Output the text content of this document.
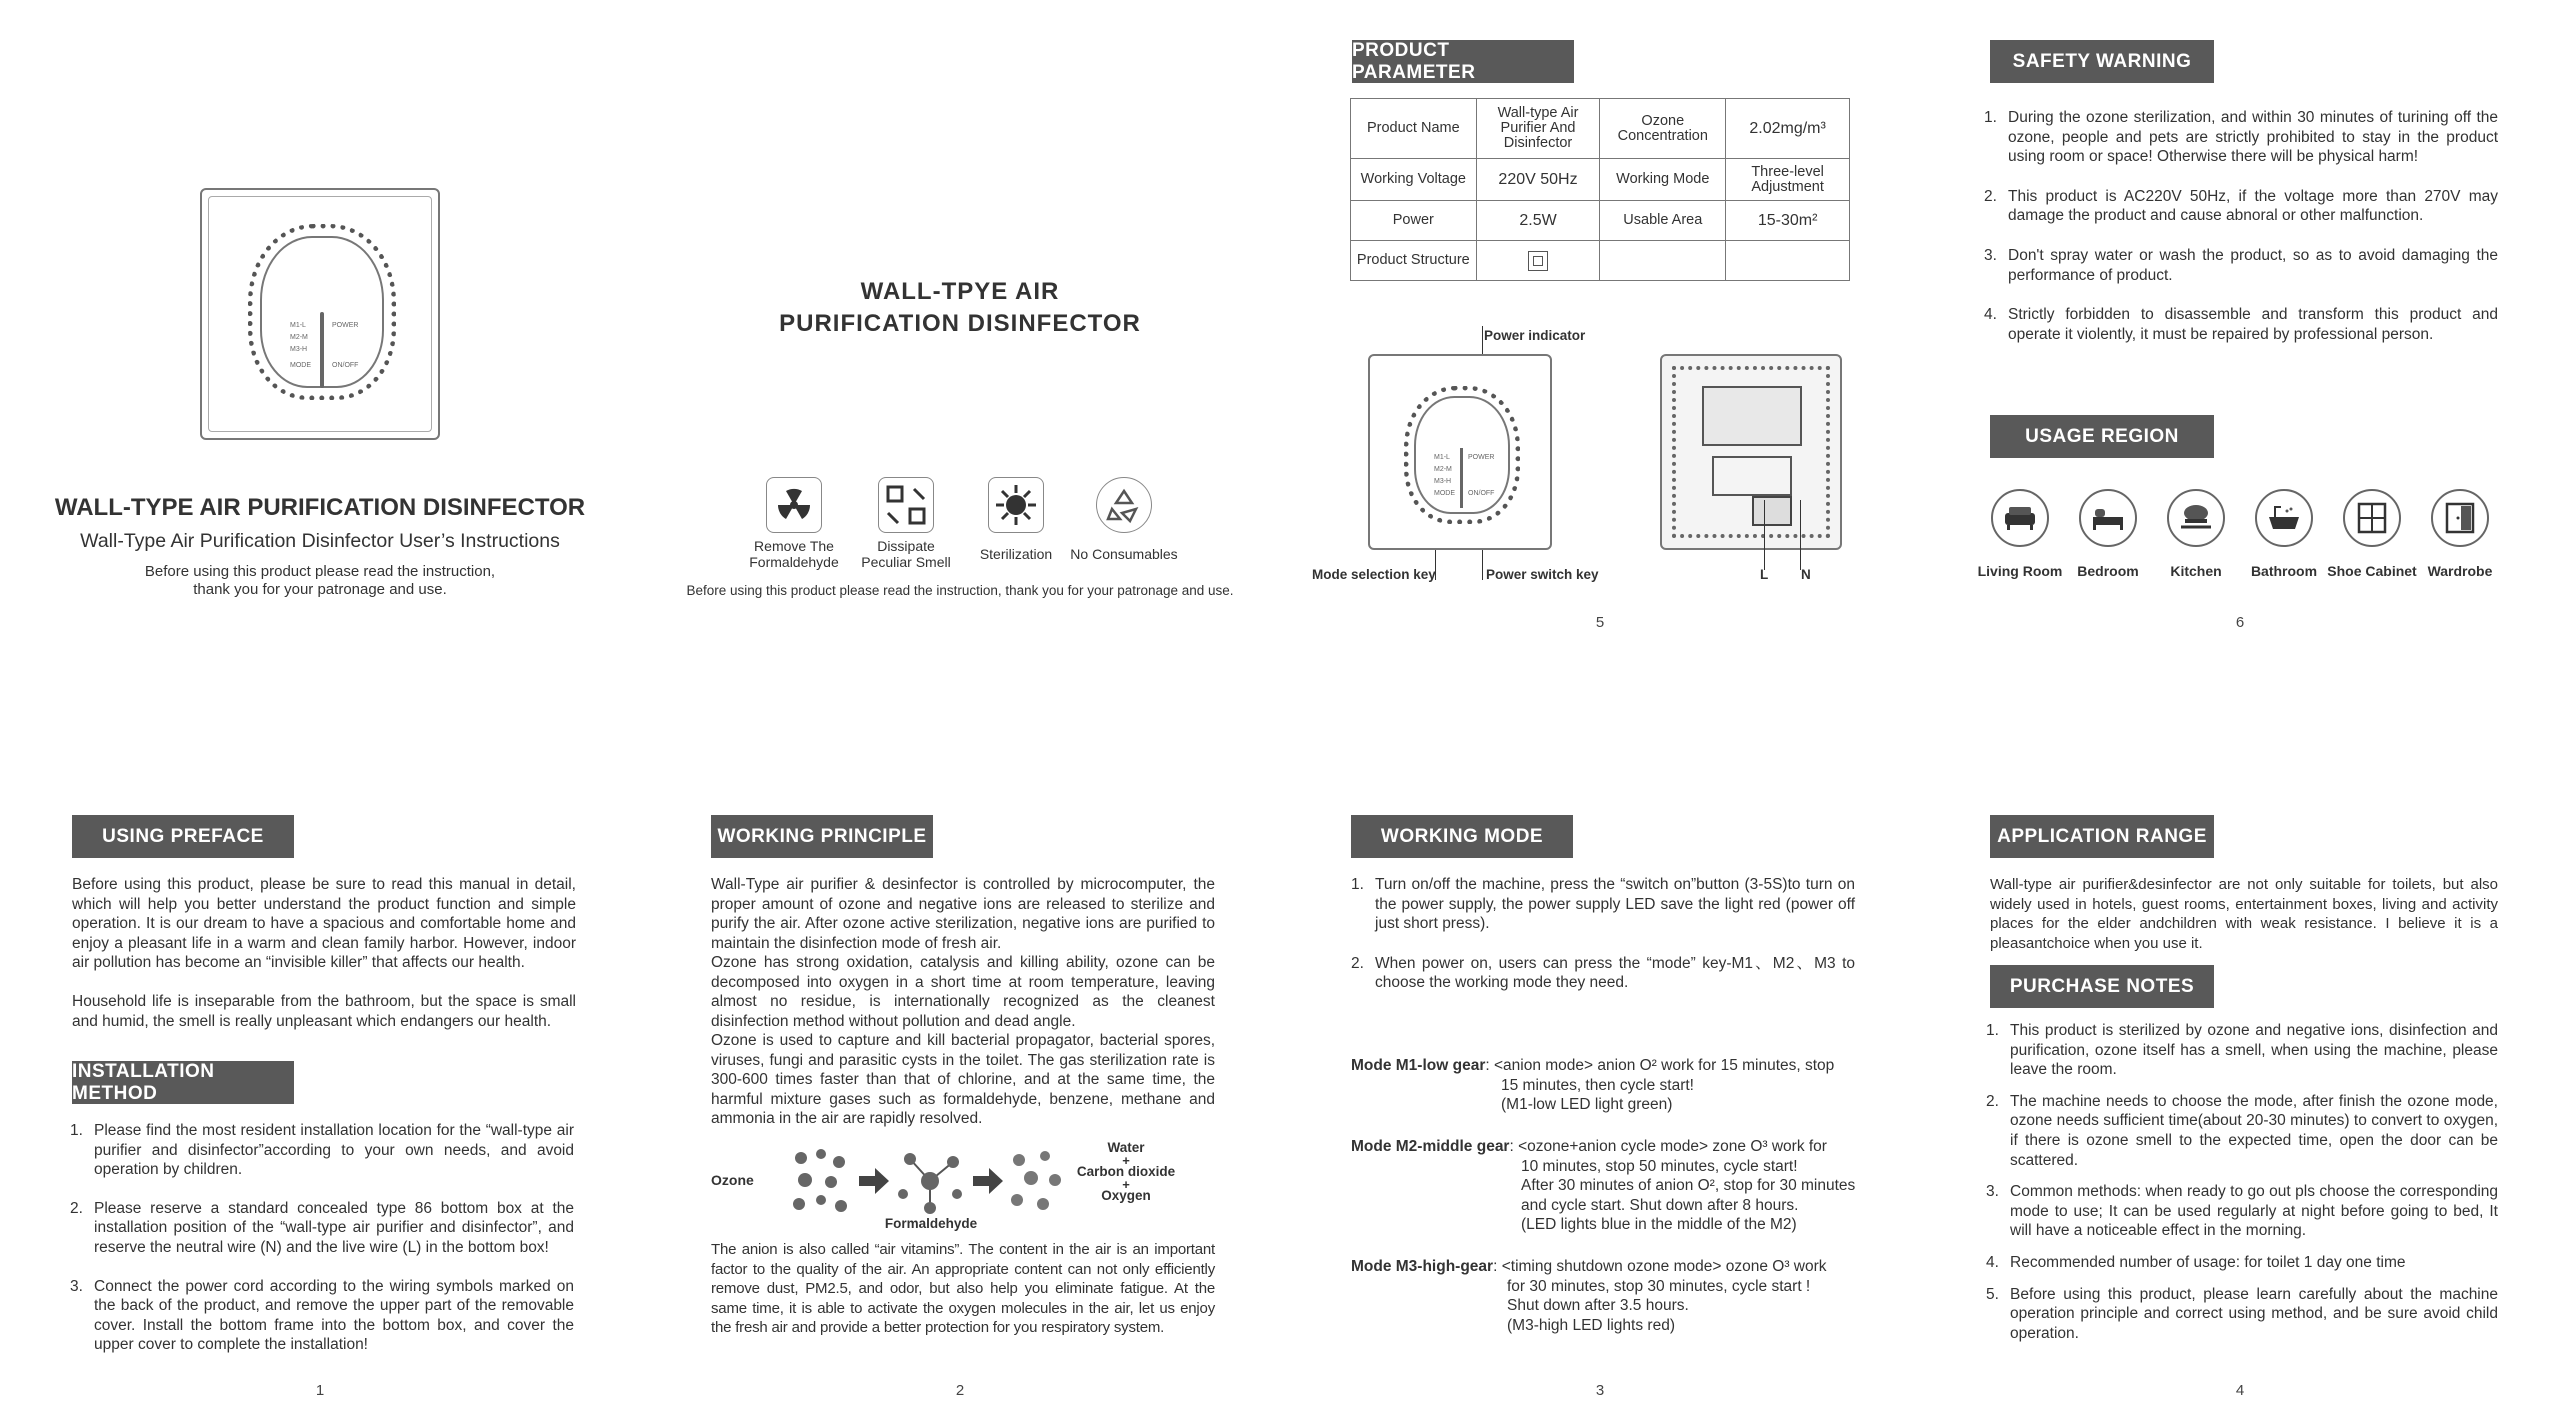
M1-L
M2-M
M3-H
MODE
POWER
ON/OFF
WALL-TYPE AIR PURIFICATION DISINFECTOR
Wall-Type Air Purification Disinfector User’s Instructions
Before using this product please read the instruction,
thank you for your patronage and use.
WALL-TPYE AIR
PURIFICATION DISINFECTOR
Remove The
Formaldehyde
Dissipate
Peculiar Smell	Sterilization	No Consumables
Before using this product please read the instruction, thank you for your patronage and use.
PRODUCT PARAMETER
Product Name	Wall-type Air Purifier And Disinfector	Ozone Concentration	2.02mg/m³
Working Voltage	220V 50Hz	Working Mode	Three-level Adjustment
Power	2.5W	Usable Area	15-30m²
Product Structure	

Power indicator
M1-L
M2-M
M3-H
MODE
POWER
ON/OFF
Mode selection key	Power switch key	L N
5
SAFETY WARNING
1. During the ozone sterilization, and within 30 minutes of turining off the ozone, people and pets are strictly prohibited to stay in the product using room or space! Otherwise there will be physical harm!
2. This product is AC220V 50Hz, if the voltage more than 270V may damage the product and cause abnoral or other malfunction.
3. Don't spray water or wash the product, so as to avoid damaging the performance of product.
4. Strictly forbidden to disassemble and transform this product and operate it violently, it must be repaired by professional person.
USAGE REGION
Living Room	Bedroom	Kitchen	Bathroom Shoe Cabinet Wardrobe
6
USING PREFACE
Before using this product, please be sure to read this manual in detail, which will help you better understand the product function and simple operation. It is our dream to have a spacious and comfortable home and enjoy a pleasant life in a warm and clean family harbor. However, indoor air pollution has become an “invisible killer” that affects our health.
Household life is inseparable from the bathroom, but the space is small and humid, the smell is really unpleasant which endangers our health.
INSTALLATION METHOD
1. Please find the most resident installation location for the “wall-type air purifier and disinfector”according to your own needs, and avoid operation by children.
2. Please reserve a standard concealed type 86 bottom box at the installation position of the “wall-type air purifier and disinfector”, and reserve the neutral wire (N) and the live wire (L) in the bottom box!
3. Connect the power cord according to the wiring symbols marked on the back of the product, and remove the upper part of the removable cover. Install the bottom frame into the bottom box, and cover the upper cover to complete the installation!
1
WORKING PRINCIPLE
Wall-Type air purifier & desinfector is controlled by microcomputer, the proper amount of ozone and negative ions are released to sterilize and purify the air. After ozone active sterilization, negative ions are purified to maintain the disinfection mode of fresh air.
Ozone has strong oxidation, catalysis and killing ability, ozone can be decomposed into oxygen in a short time at room temperature, leaving almost no residue, is internationally recognized as the cleanest disinfection method without pollution and dead angle.
Ozone is used to capture and kill bacterial propagator, bacterial spores, viruses, fungi and parasitic cysts in the toilet. The gas sterilization rate is 300-600 times faster than that of chlorine, and at the same time, the harmful mixture gases such as formaldehyde, benzene, methane and ammonia in the air are rapidly resolved.
Ozone
Water
+
Carbon dioxide
+
Oxygen
Formaldehyde
The anion is also called “air vitamins”. The content in the air is an important factor to the quality of the air. An appropriate content can not only efficiently remove dust, PM2.5, and odor, but also help you eliminate fatigue. At the same time, it is able to activate the oxygen molecules in the air, let us enjoy the fresh air and provide a better protection for you respiratory system.
2
WORKING MODE
1. Turn on/off the machine, press the “switch on”button (3-5S)to turn on the power supply, the power supply LED save the light red (power off just short press).
2. When power on, users can press the “mode” key-M1、M2、M3 to choose the working mode they need.
Mode M1-low gear: <anion mode> anion O² work for 15 minutes, stop
15 minutes, then cycle start!
(M1-low LED light green)
Mode M2-middle gear: <ozone+anion cycle mode> zone O³ work for
10 minutes, stop 50 minutes, cycle start!
After 30 minutes of anion O², stop for 30 minutes
and cycle start. Shut down after 8 hours.
(LED lights blue in the middle of the M2)
Mode M3-high-gear: <timing shutdown ozone mode> ozone O³ work
for 30 minutes, stop 30 minutes, cycle start !
Shut down after 3.5 hours.
(M3-high LED lights red)
3
APPLICATION RANGE
Wall-type air purifier&desinfector are not only suitable for toilets, but also widely used in hotels, guest rooms, entertainment boxes, living and activity places for the elder andchildren with weak resistance. I believe it is a pleasantchoice when you use it.
PURCHASE NOTES
1. This product is sterilized by ozone and negative ions, disinfection and purification, ozone itself has a smell, when using the machine, please leave the room.
2. The machine needs to choose the mode, after finish the ozone mode, ozone needs sufficient time(about 20-30 minutes) to convert to oxygen, if there is ozone smell to the expected time, open the door can be scattered.
3. Common methods: when ready to go out pls choose the corresponding mode to use; It can be used regularly at night before going to bed, It will have a noticeable effect in the morning.
4. Recommended number of usage: for toilet 1 day one time
5. Before using this product, please learn carefully about the machine operation principle and correct using method, and be sure avoid child operation.
4
